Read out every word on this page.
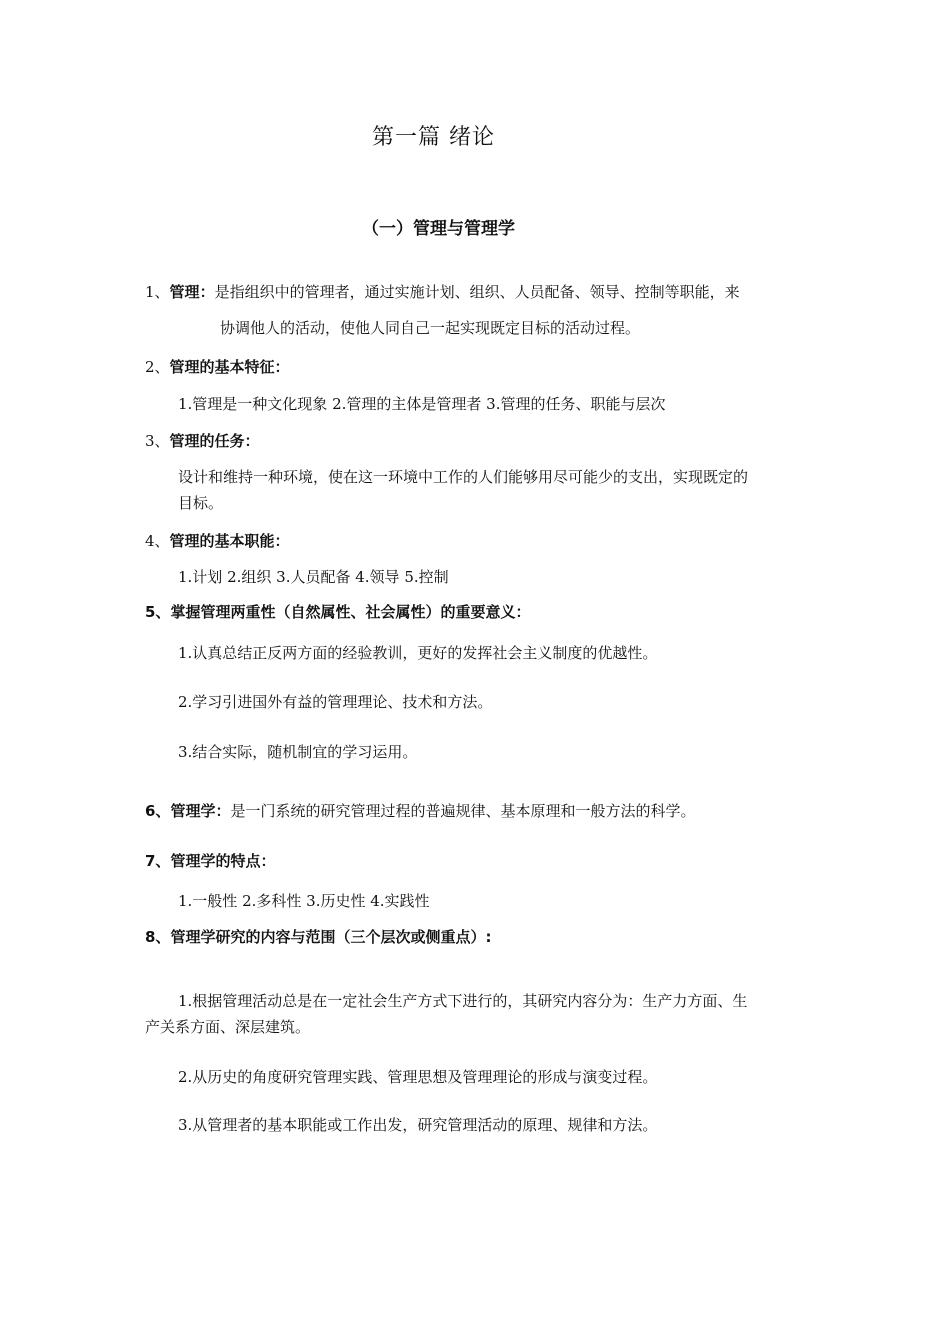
第一篇 绪论
（一）管理与管理学
1、管理：是指组织中的管理者，通过实施计划、组织、人员配备、领导、控制等职能，来
协调他人的活动，使他人同自己一起实现既定目标的活动过程。
2、管理的基本特征：
1.管理是一种文化现象 2.管理的主体是管理者 3.管理的任务、职能与层次
3、管理的任务：
设计和维持一种环境，使在这一环境中工作的人们能够用尽可能少的支出，实现既定的
目标。
4、管理的基本职能：
1.计划 2.组织 3.人员配备 4.领导 5.控制
5、掌握管理两重性（自然属性、社会属性）的重要意义：
1.认真总结正反两方面的经验教训，更好的发挥社会主义制度的优越性。
2.学习引进国外有益的管理理论、技术和方法。
3.结合实际，随机制宜的学习运用。
6、管理学：是一门系统的研究管理过程的普遍规律、基本原理和一般方法的科学。
7、管理学的特点：
1.一般性 2.多科性 3.历史性 4.实践性
8、管理学研究的内容与范围（三个层次或侧重点）:
1.根据管理活动总是在一定社会生产方式下进行的，其研究内容分为：生产力方面、生
产关系方面、深层建筑。
2.从历史的角度研究管理实践、管理思想及管理理论的形成与演变过程。
3.从管理者的基本职能或工作出发，研究管理活动的原理、规律和方法。
